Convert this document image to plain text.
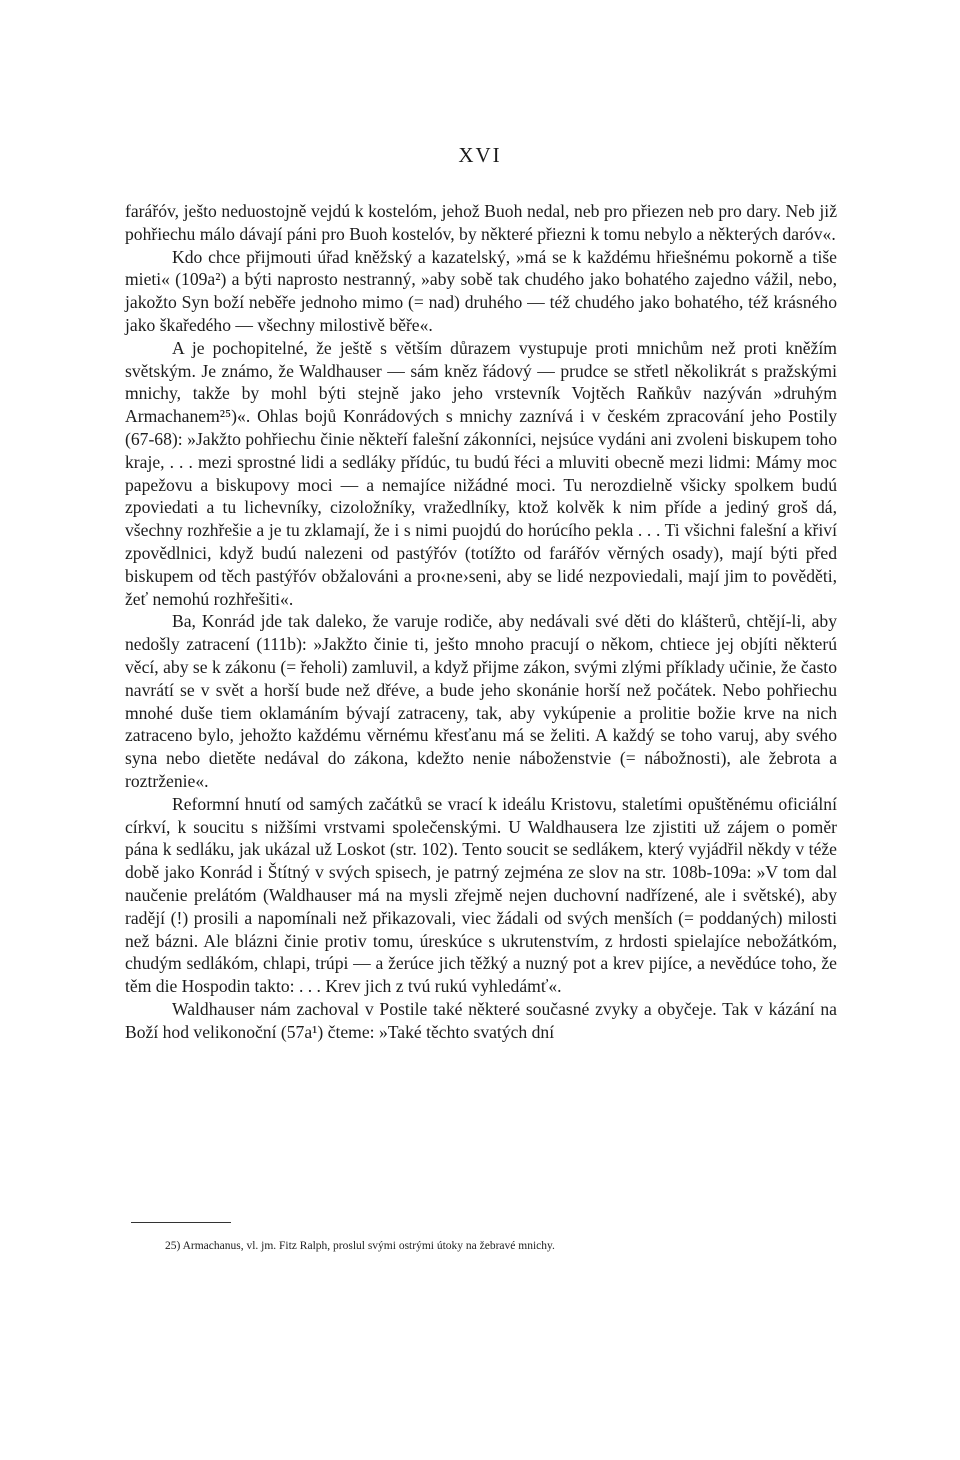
XVI

farářóv, ješto neduostojně vejdú k kostelóm, jehož Buoh nedal, neb pro přiezen neb pro dary. Neb již pohřiechu málo dávají páni pro Buoh kostelóv, by některé přiezni k tomu nebylo a některých daróv«.

Kdo chce přijmouti úřad kněžský a kazatelský, »má se k každému hřiešnému pokorně a tiše mieti« (109a²) a býti naprosto nestranný, »aby sobě tak chudého jako bohatého zajedno vážil, nebo, jakožto Syn boží neběře jednoho mimo (= nad) druhého — též chudého jako bohatého, též krásného jako škaředého — všechny milostivě běře«.

A je pochopitelné, že ještě s větším důrazem vystupuje proti mnichům než proti kněžím světským. Je známo, že Waldhauser — sám kněz řádový — prudce se střetl několikrát s pražskými mnichy, takže by mohl býti stejně jako jeho vrstevník Vojtěch Raňkův nazýván »druhým Armachanem²⁵)«. Ohlas bojů Konrádových s mnichy zaznívá i v českém zpracování jeho Postily (67-68): »Jakžto pohřiechu činie někteří falešní zákonníci, nejsúce vydáni ani zvoleni biskupem toho kraje, . . . mezi sprostné lidi a sedláky přídúc, tu budú řéci a mluviti obecně mezi lidmi: Mámy moc papežovu a biskupovy moci — a nemajíce nižádné moci. Tu nerozdielně všicky spolkem budú zpoviedati a tu lichevníky, cizoložníky, vražedlníky, ktož kolvěk k nim příde a jediný groš dá, všechny rozhřešie a je tu zklamají, že i s nimi puojdú do horúcího pekla . . . Ti všichni falešní a křiví zpovědlnici, když budú nalezeni od pastýřóv (totížto od farářóv věrných osady), mají býti před biskupem od těch pastýřóv obžalováni a pro‹ne›seni, aby se lidé nezpoviedali, mají jim to pověděti, žeť nemohú rozhřešiti«.

Ba, Konrád jde tak daleko, že varuje rodiče, aby nedávali své děti do klášterů, chtějí-li, aby nedošly zatracení (111b): »Jakžto činie ti, ješto mnoho pracují o někom, chtiece jej objíti některú věcí, aby se k zákonu (= řeholi) zamluvil, a když přijme zákon, svými zlými příklady učinie, že často navrátí se v svět a horší bude než dřéve, a bude jeho skonánie horší než počátek. Nebo pohřiechu mnohé duše tiem oklamáním bývají zatraceny, tak, aby vykúpenie a prolitie božie krve na nich zatraceno bylo, jehožto každému věrnému křesťanu má se želiti. A každý se toho varuj, aby svého syna nebo dietěte nedával do zákona, kdežto nenie náboženstvie (= nábožnosti), ale žebrota a roztrženie«.

Reformní hnutí od samých začátků se vrací k ideálu Kristovu, staletími opuštěnému oficiální církví, k soucitu s nižšími vrstvami společenskými. U Waldhausera lze zjistiti už zájem o poměr pána k sedláku, jak ukázal už Loskot (str. 102). Tento soucit se sedlákem, který vyjádřil někdy v téže době jako Konrád i Štítný v svých spisech, je patrný zejména ze slov na str. 108b-109a: »V tom dal naučenie prelátóm (Waldhauser má na mysli zřejmě nejen duchovní nadřízené, ale i světské), aby radějí (!) prosili a napomínali než přikazovali, viec žádali od svých menších (= poddaných) milosti než bázni. Ale blázni činie protiv tomu, úreskúce s ukrutenstvím, z hrdosti spielajíce nebožátkóm, chudým sedlákóm, chlapi, trúpi — a žerúce jich těžký a nuzný pot a krev pijíce, a nevědúce toho, že těm die Hospodin takto: . . . Krev jich z tvú rukú vyhledámť«.

Waldhauser nám zachoval v Postile také některé současné zvyky a obyčeje. Tak v kázání na Boží hod velikonoční (57a¹) čteme: »Také těchto svatých dní

25) Armachanus, vl. jm. Fitz Ralph, proslul svými ostrými útoky na žebravé mnichy.
